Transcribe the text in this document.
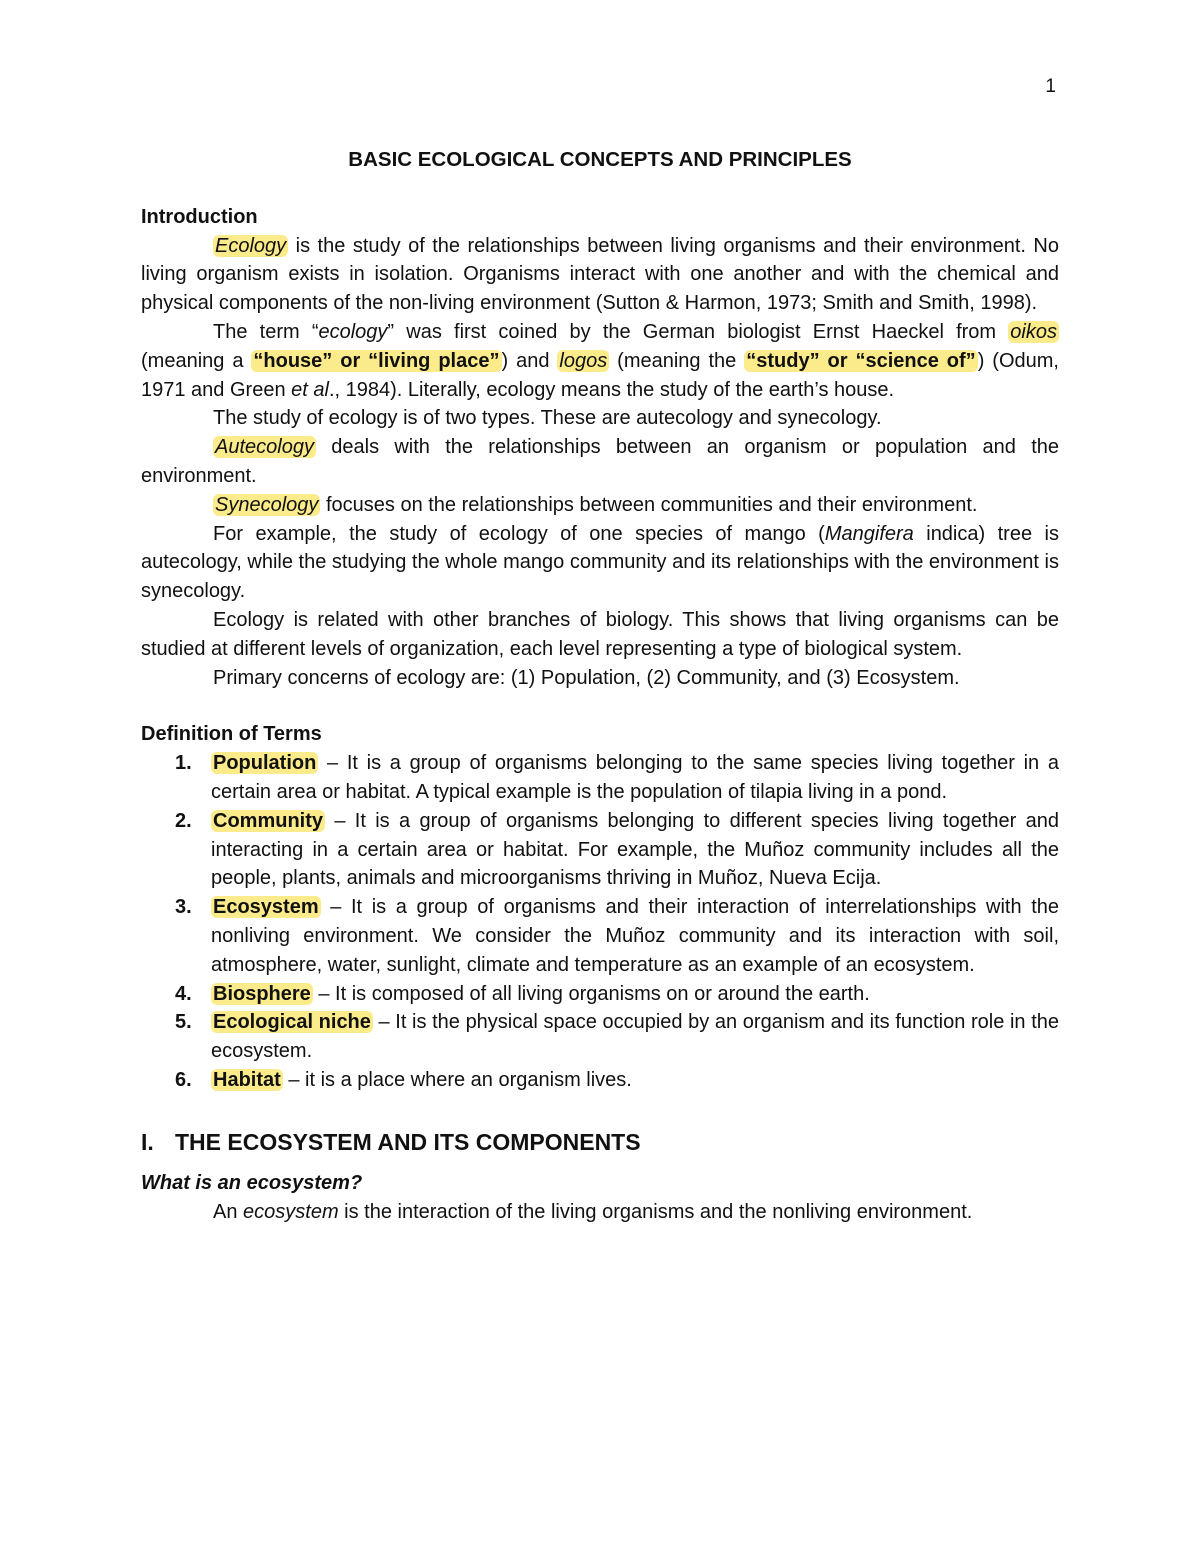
1
BASIC ECOLOGICAL CONCEPTS AND PRINCIPLES
Introduction

Ecology is the study of the relationships between living organisms and their environment. No living organism exists in isolation. Organisms interact with one another and with the chemical and physical components of the non-living environment (Sutton & Harmon, 1973; Smith and Smith, 1998).

The term “ecology” was first coined by the German biologist Ernst Haeckel from oikos (meaning a “house” or “living place” ) and logos (meaning the “study” or “science of” ) (Odum, 1971 and Green et al., 1984). Literally, ecology means the study of the earth’s house.

The study of ecology is of two types. These are autecology and synecology.

Autecology deals with the relationships between an organism or population and the environment.

Synecology focuses on the relationships between communities and their environment.

For example, the study of ecology of one species of mango (Mangifera indica) tree is autecology, while the studying the whole mango community and its relationships with the environment is synecology.

Ecology is related with other branches of biology. This shows that living organisms can be studied at different levels of organization, each level representing a type of biological system.

Primary concerns of ecology are: (1) Population, (2) Community, and (3) Ecosystem.

Definition of Terms
1. Population – It is a group of organisms belonging to the same species living together in a certain area or habitat. A typical example is the population of tilapia living in a pond.
2. Community – It is a group of organisms belonging to different species living together and interacting in a certain area or habitat. For example, the Muñoz community includes all the people, plants, animals and microorganisms thriving in Muñoz, Nueva Ecija.
3. Ecosystem – It is a group of organisms and their interaction of interrelationships with the nonliving environment. We consider the Muñoz community and its interaction with soil, atmosphere, water, sunlight, climate and temperature as an example of an ecosystem.
4. Biosphere – It is composed of all living organisms on or around the earth.
5. Ecological niche – It is the physical space occupied by an organism and its function role in the ecosystem.
6. Habitat – it is a place where an organism lives.
I. THE ECOSYSTEM AND ITS COMPONENTS
What is an ecosystem?
An ecosystem is the interaction of the living organisms and the nonliving environment.
